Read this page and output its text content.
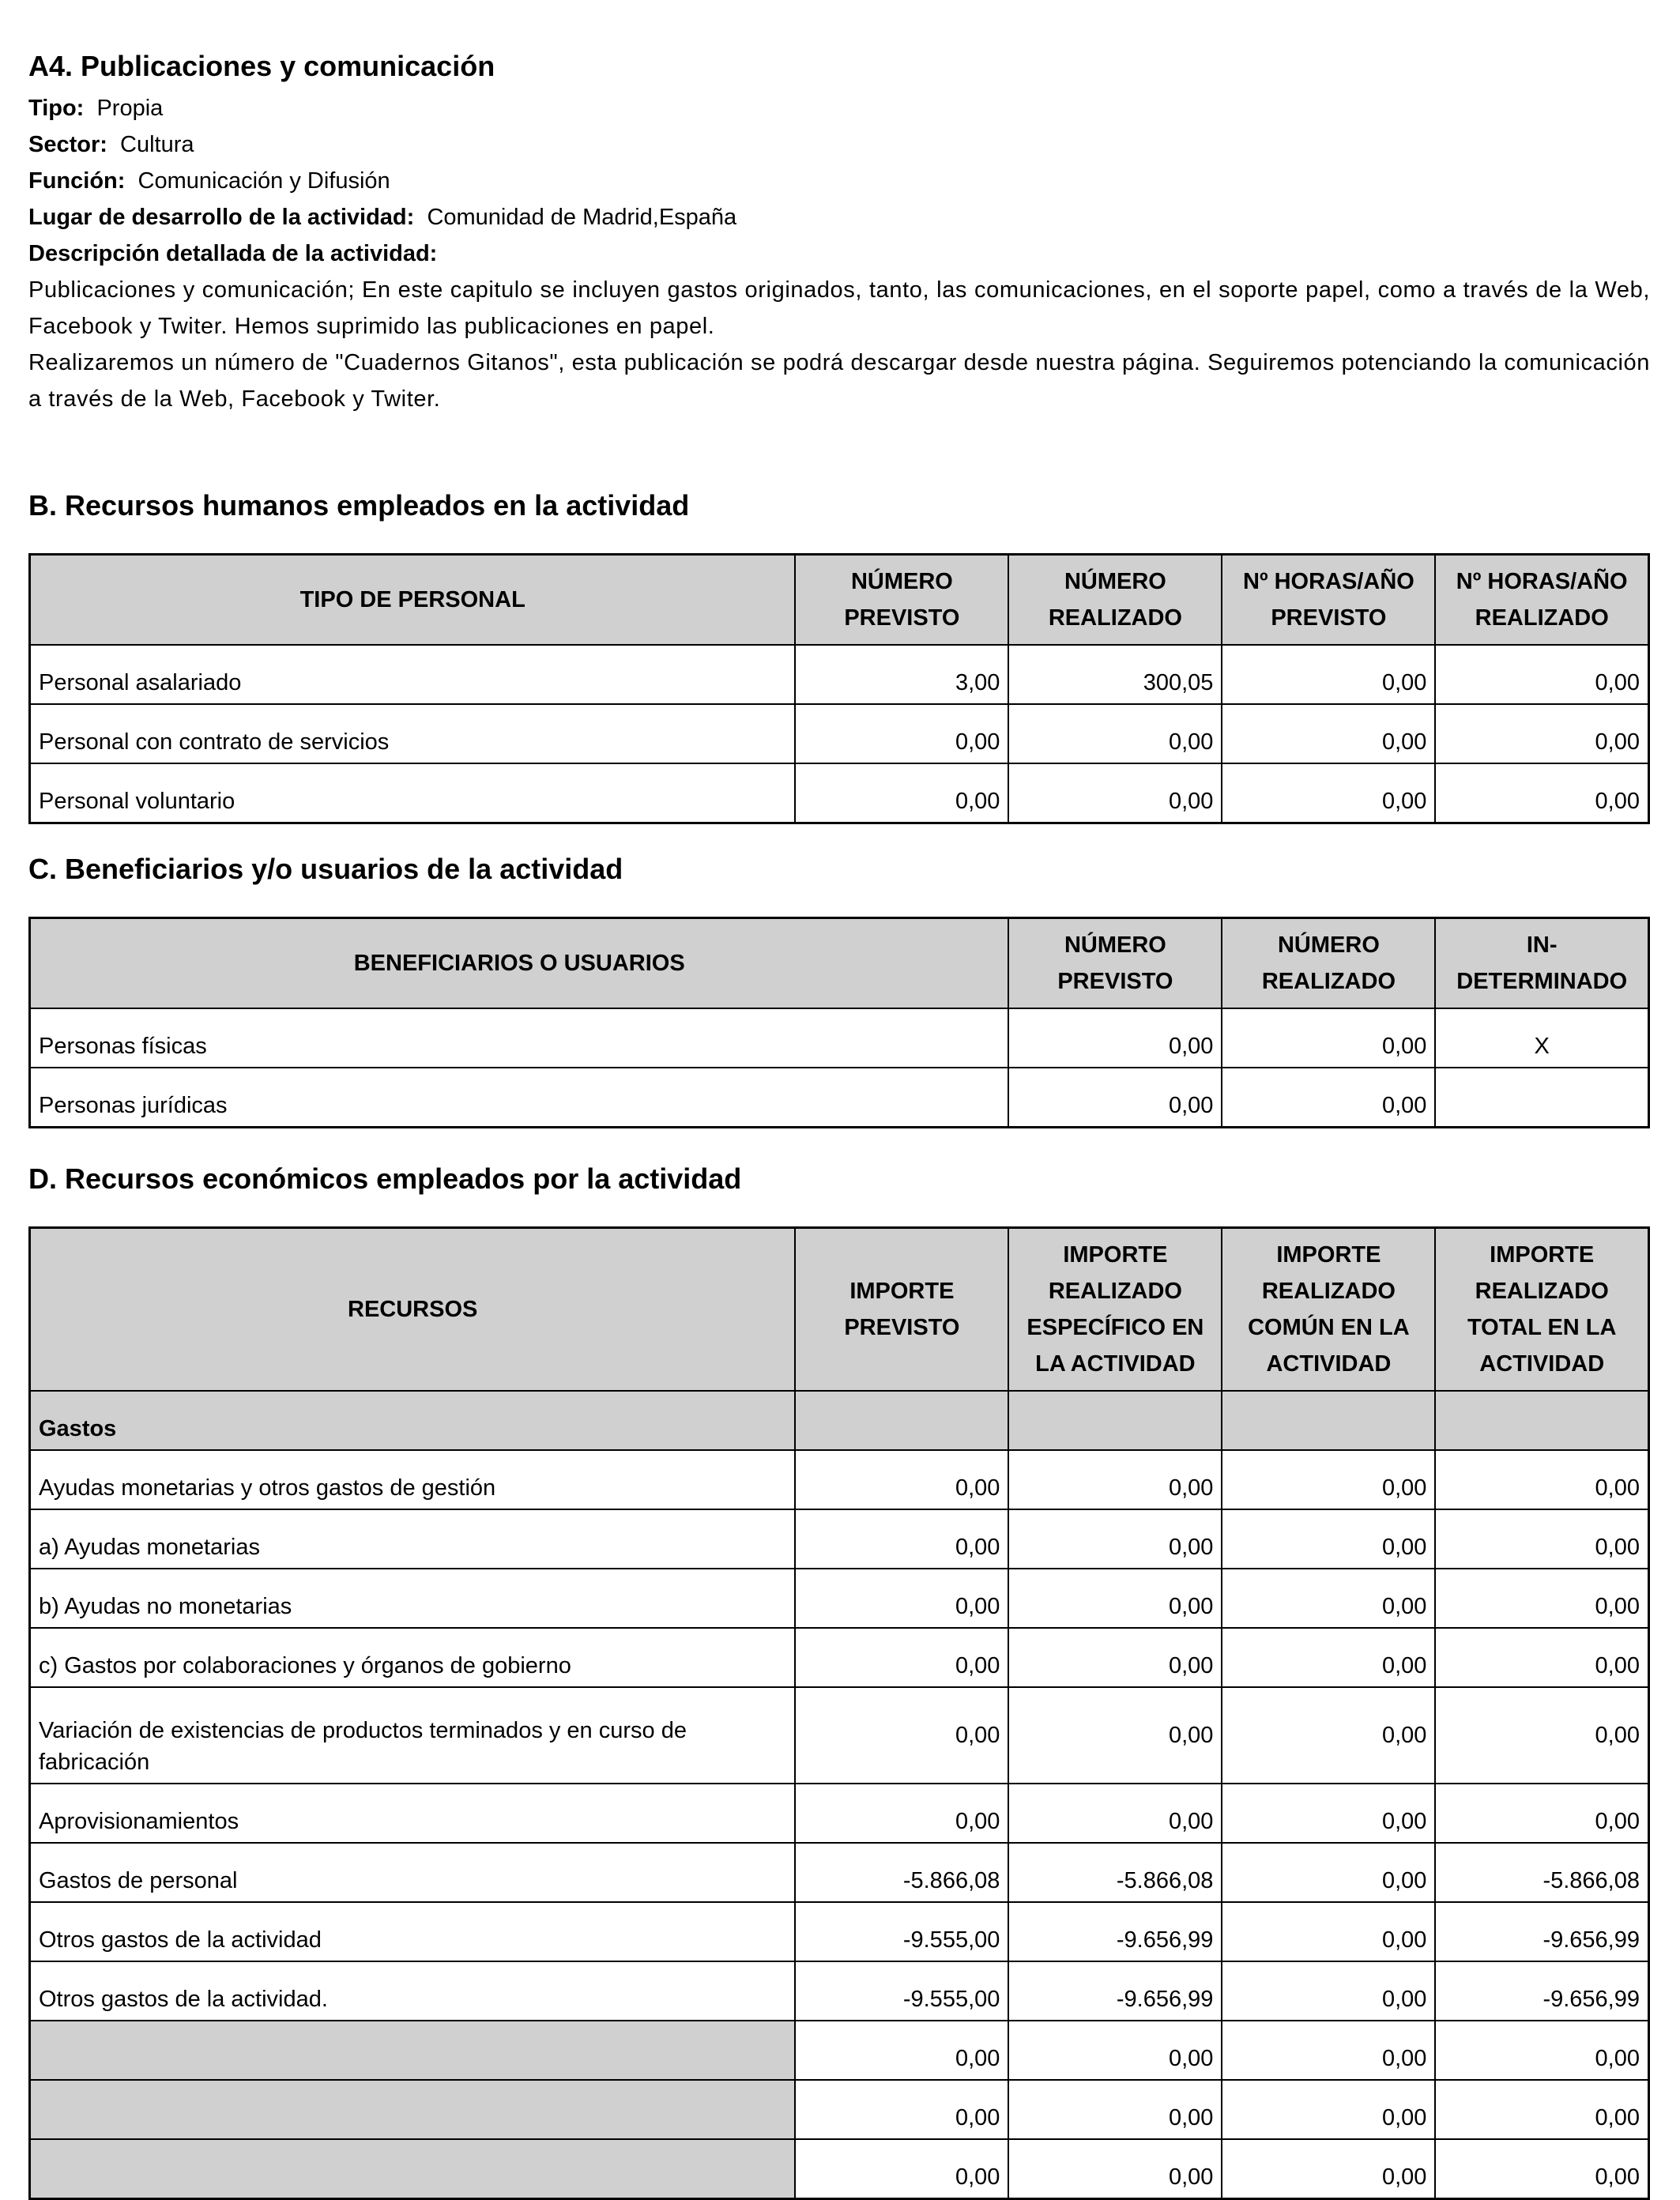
A4. Publicaciones y comunicación
Tipo: Propia
Sector: Cultura
Función: Comunicación y Difusión
Lugar de desarrollo de la actividad: Comunidad de Madrid,España
Descripción detallada de la actividad:

Publicaciones y comunicación; En este capitulo se incluyen gastos originados, tanto, las comunicaciones, en el soporte papel, como a través de la Web, Facebook y Twiter. Hemos suprimido las publicaciones en papel.

Realizaremos un número de "Cuadernos Gitanos", esta publicación se podrá descargar desde nuestra página. Seguiremos potenciando la comunicación a través de la Web, Facebook y Twiter.

B. Recursos humanos empleados en la actividad
TIPO DE PERSONAL	NÚMERO PREVISTO	NÚMERO REALIZADO	Nº HORAS/AÑO PREVISTO	Nº HORAS/AÑO REALIZADO
Personal asalariado	3,00	300,05	0,00	0,00
Personal con contrato de servicios	0,00	0,00	0,00	0,00
Personal voluntario	0,00	0,00	0,00	0,00
C. Beneficiarios y/o usuarios de la actividad
BENEFICIARIOS O USUARIOS	NÚMERO PREVISTO	NÚMERO REALIZADO	IN- DETERMINADO
Personas físicas	0,00	0,00	X
Personas jurídicas	0,00	0,00	
D. Recursos económicos empleados por la actividad
RECURSOS	IMPORTE PREVISTO	IMPORTE REALIZADO ESPECÍFICO EN LA ACTIVIDAD	IMPORTE REALIZADO COMÚN EN LA ACTIVIDAD	IMPORTE REALIZADO TOTAL EN LA ACTIVIDAD
Gastos				
Ayudas monetarias y otros gastos de gestión	0,00	0,00	0,00	0,00
a) Ayudas monetarias	0,00	0,00	0,00	0,00
b) Ayudas no monetarias	0,00	0,00	0,00	0,00
c) Gastos por colaboraciones y órganos de gobierno	0,00	0,00	0,00	0,00
Variación de existencias de productos terminados y en curso de fabricación	0,00	0,00	0,00	0,00
Aprovisionamientos	0,00	0,00	0,00	0,00
Gastos de personal	-5.866,08	-5.866,08	0,00	-5.866,08
Otros gastos de la actividad	-9.555,00	-9.656,99	0,00	-9.656,99
Otros gastos de la actividad.	-9.555,00	-9.656,99	0,00	-9.656,99
	0,00	0,00	0,00	0,00
	0,00	0,00	0,00	0,00
	0,00	0,00	0,00	0,00
